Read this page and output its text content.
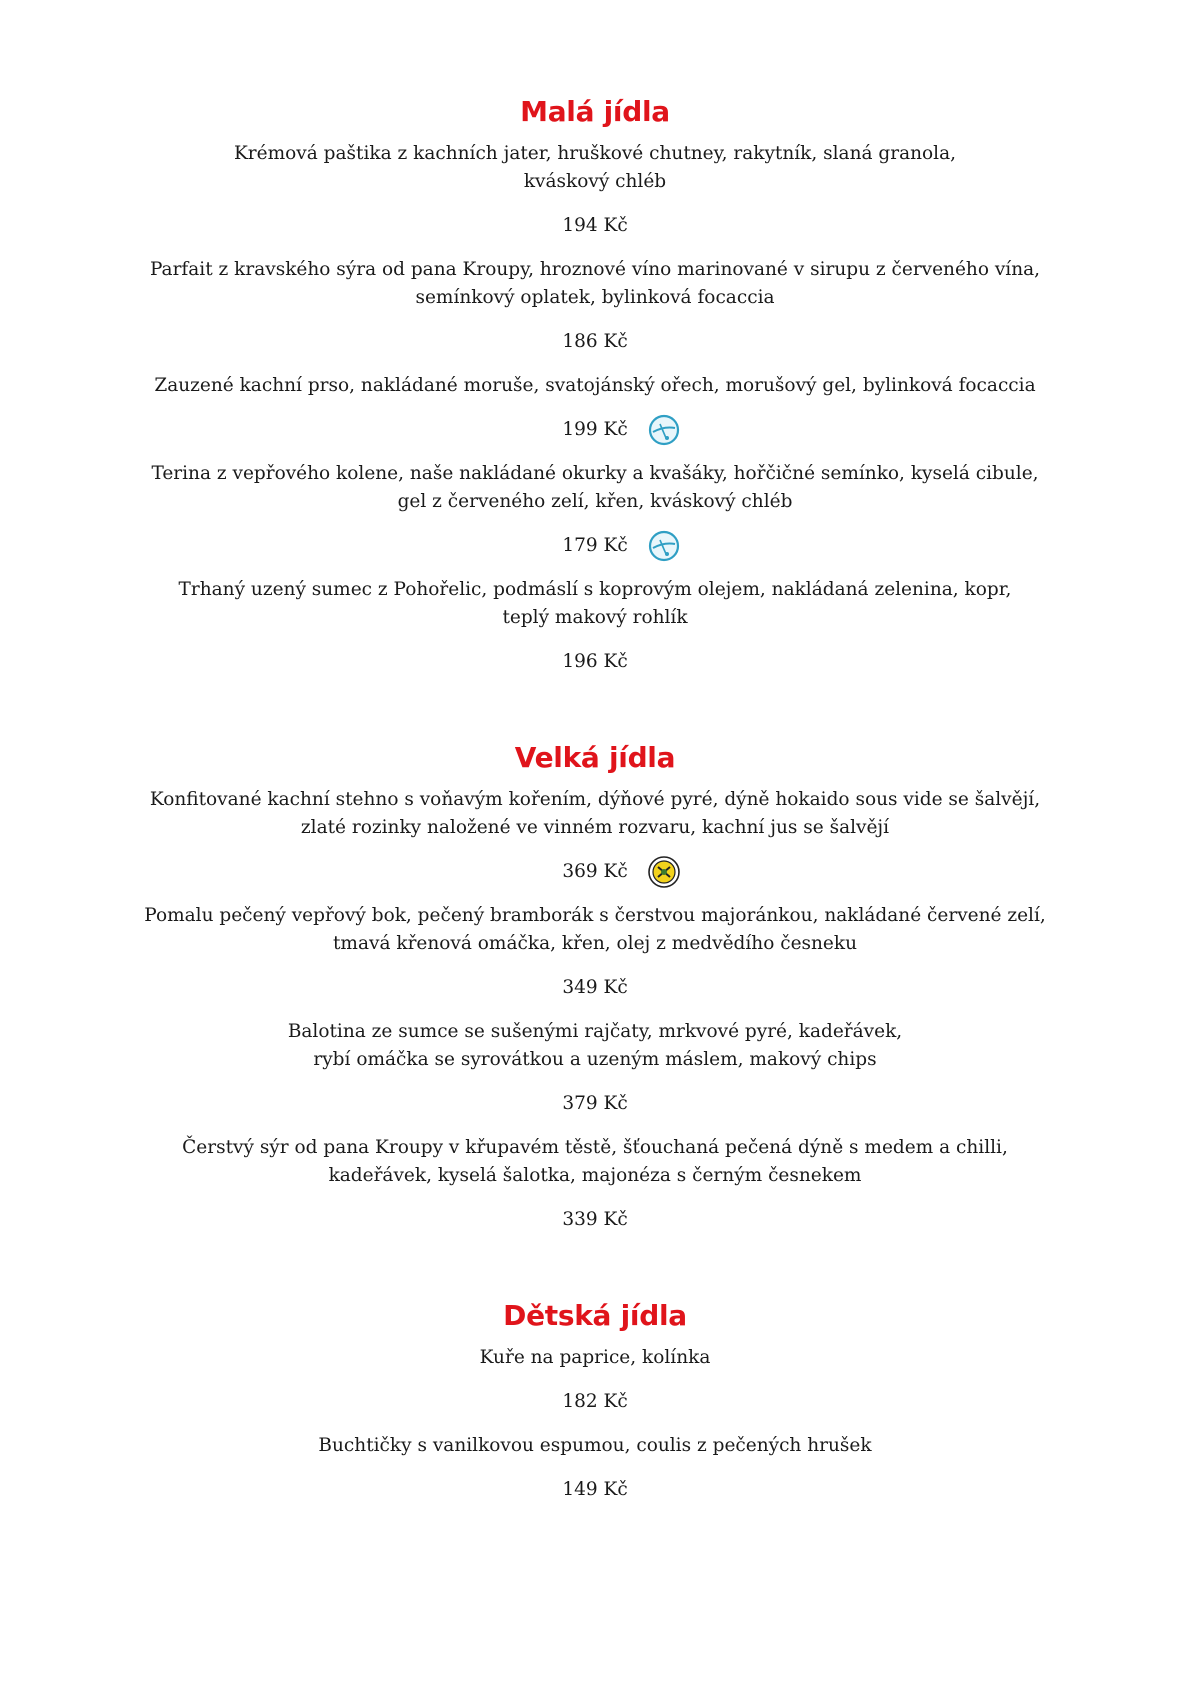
Malá jídla

Krémová paštika z kachních jater, hruškové chutney, rakytník, slaná granola,
kváskový chléb

194 Kč

Parfait z kravského sýra od pana Kroupy, hroznové víno marinované v sirupu z červeného vína,
semínkový oplatek, bylinková focaccia

186 Kč

Zauzené kachní prso, nakládané moruše, svatojánský ořech, morušový gel, bylinková focaccia

199 Kč

Terina z vepřového kolene, naše nakládané okurky a kvašáky, hořčičné semínko, kyselá cibule,
gel z červeného zelí, křen, kváskový chléb

179 Kč

Trhaný uzený sumec z Pohořelic, podmáslí s koprovým olejem, nakládaná zelenina, kopr,
teplý makový rohlík

196 Kč
Velká jídla

Konfitované kachní stehno s voňavým kořením, dýňové pyré, dýně hokaido sous vide se šalvějí,
zlaté rozinky naložené ve vinném rozvaru, kachní jus se šalvějí

369 Kč

Pomalu pečený vepřový bok, pečený bramborák s čerstvou majoránkou, nakládané červené zelí,
tmavá křenová omáčka, křen, olej z medvědího česneku

349 Kč

Balotina ze sumce se sušenými rajčaty, mrkvové pyré, kadeřávek,
rybí omáčka se syrovátkou a uzeným máslem, makový chips

379 Kč

Čerstvý sýr od pana Kroupy v křupavém těstě, šťouchaná pečená dýně s medem a chilli,
kadeřávek, kyselá šalotka, majonéza s černým česnekem

339 Kč
Dětská jídla

Kuře na paprice, kolínka

182 Kč

Buchtičky s vanilkovou espumou, coulis z pečených hrušek

149 Kč
